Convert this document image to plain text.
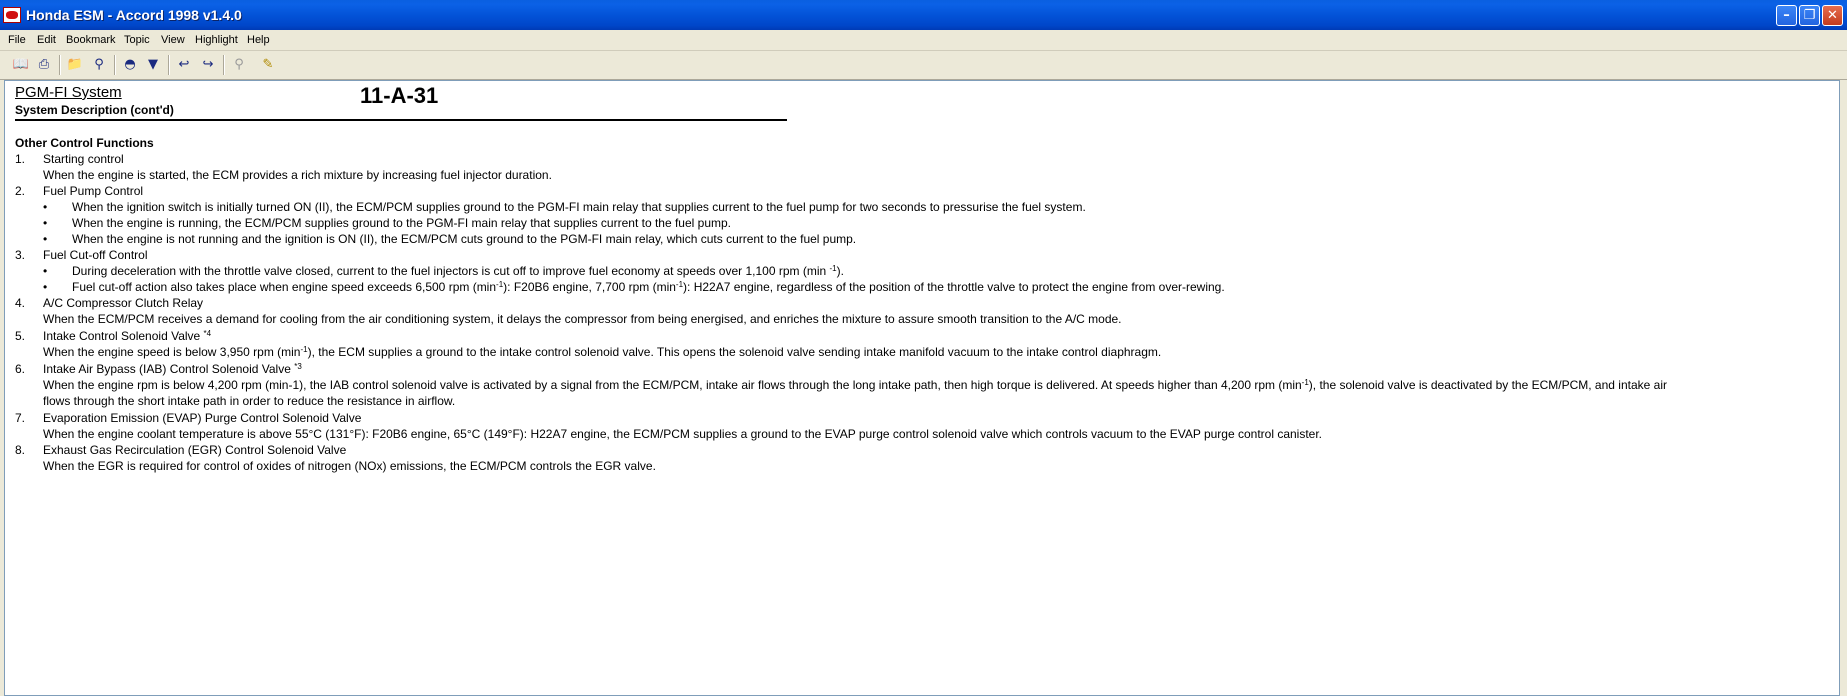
Honda ESM - Accord 1998 v1.4.0	–	❐ ✕
File Edit Bookmark Topic View Highlight Help
📖 ⎙	📁 ⚲	◓ ▼	↩	↪	⚲	✎
PGM-FI System
System Description (cont'd)
11-A-31
Other Control Functions
1. Starting control
When the engine is started, the ECM provides a rich mixture by increasing fuel injector duration.
2. Fuel Pump Control
• When the ignition switch is initially turned ON (II), the ECM/PCM supplies ground to the PGM-FI main relay that supplies current to the fuel pump for two seconds to pressurise the fuel system.
• When the engine is running, the ECM/PCM supplies ground to the PGM-FI main relay that supplies current to the fuel pump.
• When the engine is not running and the ignition is ON (II), the ECM/PCM cuts ground to the PGM-FI main relay, which cuts current to the fuel pump.
3. Fuel Cut-off Control
• During deceleration with the throttle valve closed, current to the fuel injectors is cut off to improve fuel economy at speeds over 1,100 rpm (min $^{-1}$).
• Fuel cut-off action also takes place when engine speed exceeds 6,500 rpm $(\min^{-1})$: F20B6 engine, 7,700 rpm $(\min^{-1})$: H22A7 engine, regardless of the position of the throttle valve to protect the engine from over-rewing.
4. A/C Compressor Clutch Relay
When the ECM/PCM receives a demand for cooling from the air conditioning system, it delays the compressor from being energised, and enriches the mixture to assure smooth transition to the A/C mode.
5. Intake Control Solenoid Valve $^{*4}$
When the engine speed is below 3,950 rpm $(\min^{-1})$, the ECM supplies a ground to the intake control solenoid valve. This opens the solenoid valve sending intake manifold vacuum to the intake control diaphragm.
6. Intake Air Bypass (IAB) Control Solenoid Valve $^{*3}$
When the engine rpm is below 4,200 rpm (min-1), the IAB control solenoid valve is activated by a signal from the ECM/PCM, intake air flows through the long intake path, then high torque is delivered. At speeds higher than 4,200 rpm $(\min^{-1})$, the solenoid valve is deactivated by the ECM/PCM, and intake air
flows through the short intake path in order to reduce the resistance in airflow.
7. Evaporation Emission (EVAP) Purge Control Solenoid Valve
When the engine coolant temperature is above 55°C (131°F): F20B6 engine, 65°C (149°F): H22A7 engine, the ECM/PCM supplies a ground to the EVAP purge control solenoid valve which controls vacuum to the EVAP purge control canister.
8. Exhaust Gas Recirculation (EGR) Control Solenoid Valve
When the EGR is required for control of oxides of nitrogen (NOx) emissions, the ECM/PCM controls the EGR valve.
